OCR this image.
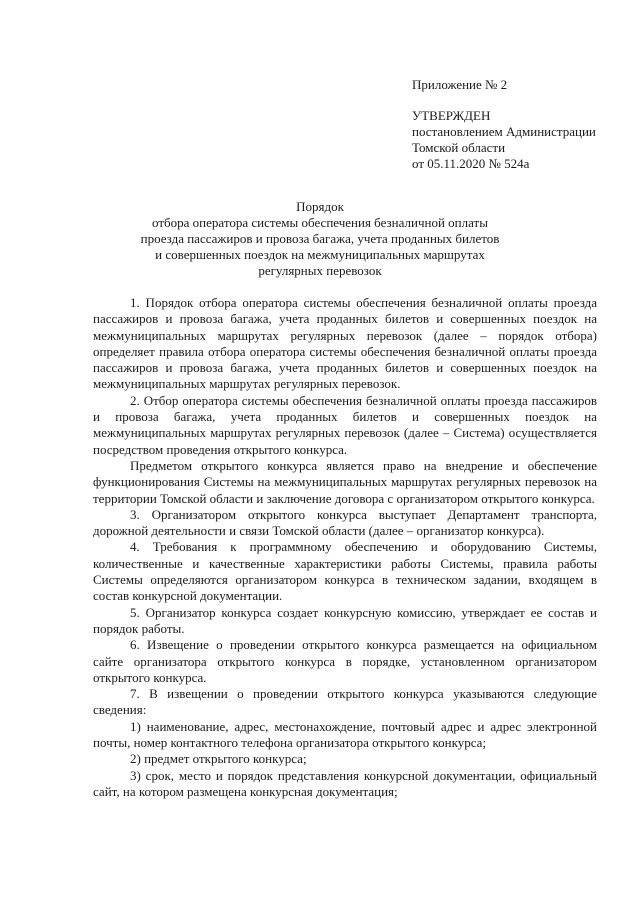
Приложение № 2
УТВЕРЖДЕН
постановлением Администрации
Томской области
от 05.11.2020 № 524а
Порядок
отбора оператора системы обеспечения безналичной оплаты
проезда пассажиров и провоза багажа, учета проданных билетов
и совершенных поездок на межмуниципальных маршрутах
регулярных перевозок

1. Порядок отбора оператора системы обеспечения безналичной оплаты проезда пассажиров и провоза багажа, учета проданных билетов и совершенных поездок на межмуниципальных маршрутах регулярных перевозок (далее – порядок отбора) определяет правила отбора оператора системы обеспечения безналичной оплаты проезда пассажиров и провоза багажа, учета проданных билетов и совершенных поездок на межмуниципальных маршрутах регулярных перевозок.

2. Отбор оператора системы обеспечения безналичной оплаты проезда пассажиров и провоза багажа, учета проданных билетов и совершенных поездок на межмуниципальных маршрутах регулярных перевозок (далее – Система) осуществляется посредством проведения открытого конкурса.

Предметом открытого конкурса является право на внедрение и обеспечение функционирования Системы на межмуниципальных маршрутах регулярных перевозок на территории Томской области и заключение договора с организатором открытого конкурса.

3. Организатором открытого конкурса выступает Департамент транспорта, дорожной деятельности и связи Томской области (далее – организатор конкурса).

4. Требования к программному обеспечению и оборудованию Системы, количественные и качественные характеристики работы Системы, правила работы Системы определяются организатором конкурса в техническом задании, входящем в состав конкурсной документации.

5. Организатор конкурса создает конкурсную комиссию, утверждает ее состав и порядок работы.

6. Извещение о проведении открытого конкурса размещается на официальном сайте организатора открытого конкурса в порядке, установленном организатором открытого конкурса.

7. В извещении о проведении открытого конкурса указываются следующие сведения:

1) наименование, адрес, местонахождение, почтовый адрес и адрес электронной почты, номер контактного телефона организатора открытого конкурса;

2) предмет открытого конкурса;

3) срок, место и порядок представления конкурсной документации, официальный сайт, на котором размещена конкурсная документация;
